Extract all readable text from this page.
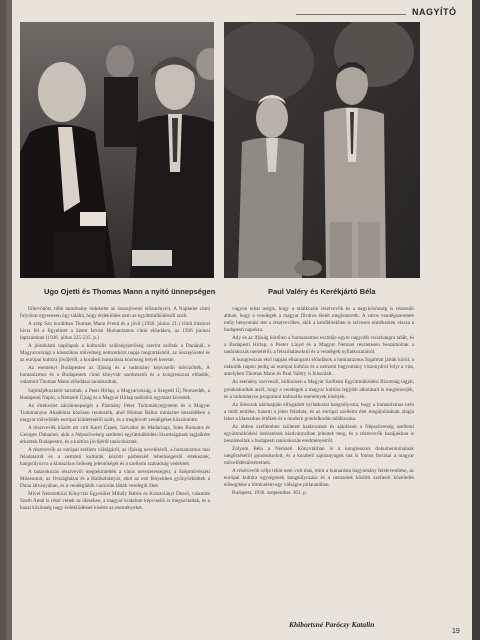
NAGYÍTÓ
Ugo Ojetti és Thomas Mann a nyitó ünnepségen	Paul Valéry és Kerékjártó Béla

föltevődött, több tanulmány érdekelte az összejövetel előzményeit. A Napkelet című folyóirat egyenesen úgy találta, hogy érdeklődés nem az együttműködésről szólt.

A szép Szo korábban Thomas Mann Freud és a jövő (1936. június 21.) című írásával hívta fel a figyelmet a Szent István Humanizmus című előadásra, az 1936 júniusi lapszámban (1936. július 225-235. p.)

A jóindulatú napilapok a kulturális szükségszerűség szerint szóltak a Dunánál, a Magyarországi a klasszikus műveltség nemzetközi napja megtartásáról, az összejövetel és az európai kultúra jövőjéről, a korabeli humanista közösség helyét kereste.

Az eseményt Budapesten az ifjúság és a tudomány képviselői üdvözölték, A humanizmus és a Budapesten című könyvtár szerkesztői és a kongresszusi előadók, valamint Thomas Mann előadásai tanúskodtak.

Sajtótájékoztatót tartottak, a Pesti Hírlap, a Magyarország, a Szegedi Új Nemzedék, a Budapesti Napló, a Nemzeti Újság és a Magyar Hírlap tudósítói egymást követték.

Az értekezlet záróünnepségét a Pázmány Péter Tudományegyetem és a Magyar Tudományos Akadémia közösen rendezték, ahol Hóman Bálint miniszter beszédében a magyar művelődés európai küldetéséről szólt, és a meghívott vendégeket köszöntötte.

A résztvevők között ott volt Karel Čapek, Salvador de Madariaga, Jules Romains és Georges Duhamel, akik a Népszövetség szellemi együttműködési bizottságának tagjaiként érkeztek Budapestre, és a kultúra jövőjéről tanácskoztak.

A résztvevők az európai szellem válságáról, az ifjúság neveléséről, a humanizmus mai feladatairól és a nemzeti kultúrák közötti párbeszéd lehetőségeiről értekeztek, hangsúlyozva a klasszikus örökség jelentőségét és a szellemi szabadság védelmét.

A tanácskozás résztvevői megtekintették a város nevezetességeit, a Szépművészeti Múzeumot, az Országházat és a Halászbástyát, ahol az esti fényekben gyönyörködtek a Duna látványában, és a vendéglátók vacsorán látták vendégül őket.

Mivel Nemzetközi Könyvtár Egyesület Mihály Babits és Kosztolányi Dezső, valamint Szerb Antal is részt vettek az üléseken, a magyar irodalom képviselői is megszólaltak, és a hazai közönség nagy érdeklődéssel kísérte az eseményeket.

vagyon tehát mégis, hogy a találkozón résztvevők és a nagyközönség is részesült abban, hogy a vendégek a magyar főváros életét megismerték. A város vendégszeretete mély benyomást tett a résztvevőkre, akik a későbbiekben is szívesen emlékeztek vissza a budapesti napokra.

Ady és az ifjúság körében a humanizmus eszméje egyre nagyobb visszhangra talált, és a Budapesti Hírlap, a Pester Lloyd és a Magyar Nemzet részletesen beszámoltak a tanácskozás menetéről, a felszólalásokról és a vendégek nyilatkozatairól.

A kongresszus első napján elhangzott előadások a humanizmus fogalmát járták körül, a második napon pedig az európai kultúra és a nemzeti hagyomány viszonyáról folyt a vita, amelyben Thomas Mann és Paul Valéry is felszólalt.

Az esemény szervezői, különösen a Magyar Szellemi Együttműködési Bizottság tagjai, gondoskodtak arról, hogy a vendégek a magyar kultúra legjobb alkotásait is megismerjék, és a tudományos programot kulturális események kísérjék.

Az ülésszak zárónapján elfogadott nyilatkozat hangsúlyozta, hogy a humanizmus nem a múlt emléke, hanem a jelen feladata, és az európai szellemi élet megújulásának alapja lehet a klasszikus értékek és a modern gondolkodás találkozása.

Az ebben szellemben született határozatok és ajánlások a Népszövetség szellemi együttműködési intézetének kiadványaiban jelentek meg, és a résztvevők hazájukban is beszámoltak a budapesti tanácskozás eredményeiről.

Zólyom Béla a Nemzeti Könyvtárban is a kongresszus dokumentumainak megőrzéséről gondoskodott, és a korabeli sajtóanyagok ma is fontos forrásai a magyar művelődéstörténetnek.

A résztvevők célja tehát nem volt más, mint a humanista hagyomány felelevenítése, az európai kultúra egységének hangsúlyozása és a nemzetek közötti szellemi közeledés elősegítése a történelem egy válságos pillanatában.

Budapest, 1936. szeptember. 301. p.

Khibortsné Paróczy Katalin
19
